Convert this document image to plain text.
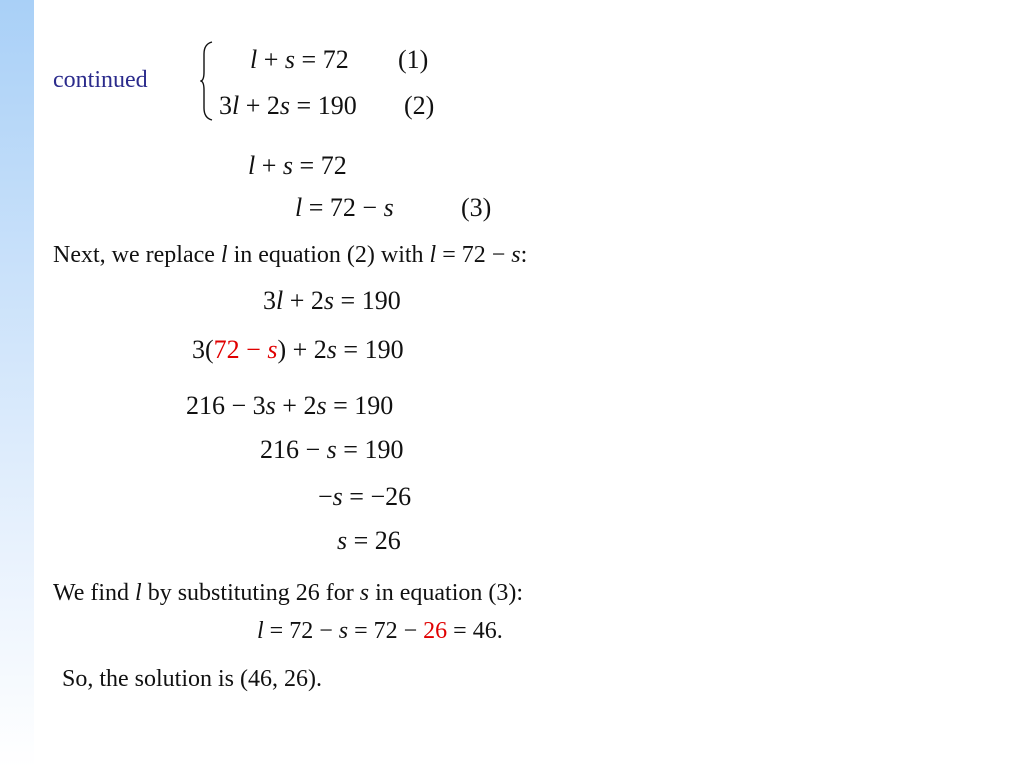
continued
l + s = 72 (1)
3l + 2s = 190 (2)
l + s = 72
l = 72 − s	(3)
Next, we replace l in equation (2) with l = 72 − s:
3l + 2s = 190
3(72 − s) + 2s = 190
216 − 3s + 2s = 190
216 − s = 190
−s = −26
s = 26
We find l by substituting 26 for s in equation (3):
l = 72 − s = 72 − 26 = 46.
So, the solution is (46, 26).
